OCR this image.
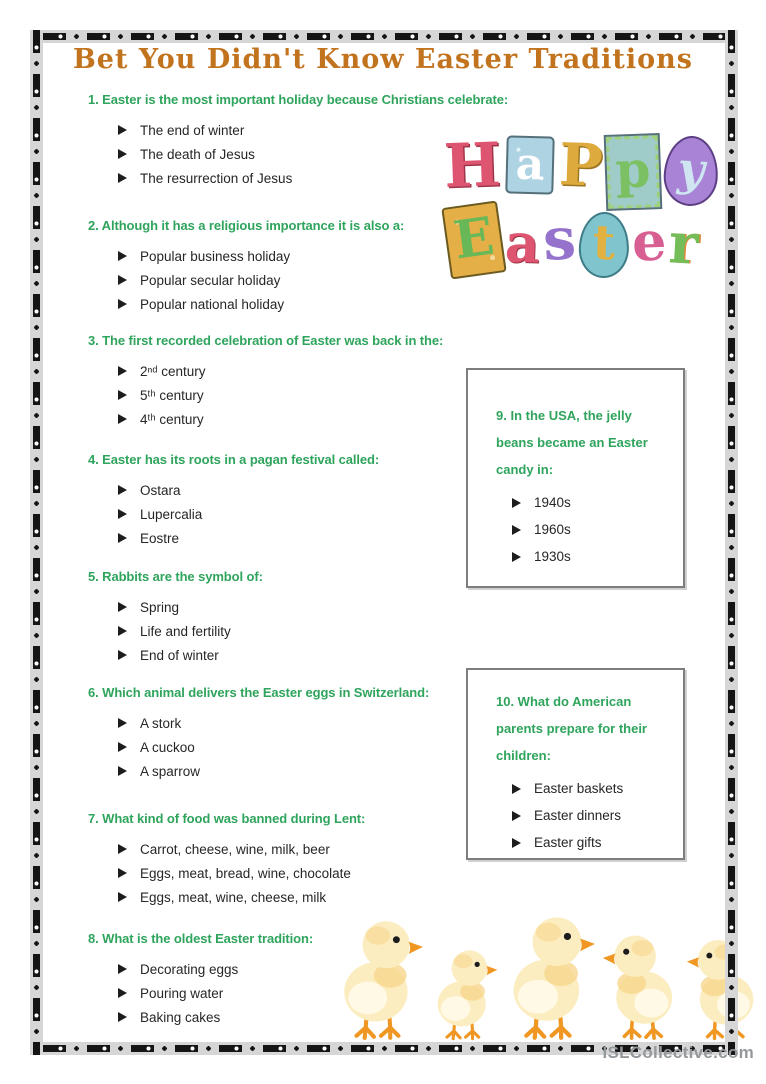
Bet You Didn't Know Easter Traditions
1. Easter is the most important holiday because Christians celebrate:
The end of winter
The death of Jesus
The resurrection of Jesus
2. Although it has a religious importance it is also a:
Popular business holiday
Popular secular holiday
Popular national holiday
3. The first recorded celebration of Easter was back in the:
2ⁿᵈ century
5ᵗʰ century
4ᵗʰ century
4. Easter has its roots in a pagan festival called:
Ostara
Lupercalia
Eostre
5. Rabbits are the symbol of:
Spring
Life and fertility
End of winter
6. Which animal delivers the Easter eggs in Switzerland:
A stork
A cuckoo
A sparrow
7. What kind of food was banned during Lent:
Carrot, cheese, wine, milk, beer
Eggs, meat, bread, wine, chocolate
Eggs, meat, wine, cheese, milk
8. What is the oldest Easter tradition:
Decorating eggs
Pouring water
Baking cakes
9. In the USA, the jelly beans became an Easter candy in:
1940s
1960s
1930s
10. What do American parents prepare for their children:
Easter baskets
Easter dinners
Easter gifts
H a P p y
E a s t e r
ISLCollective.com
